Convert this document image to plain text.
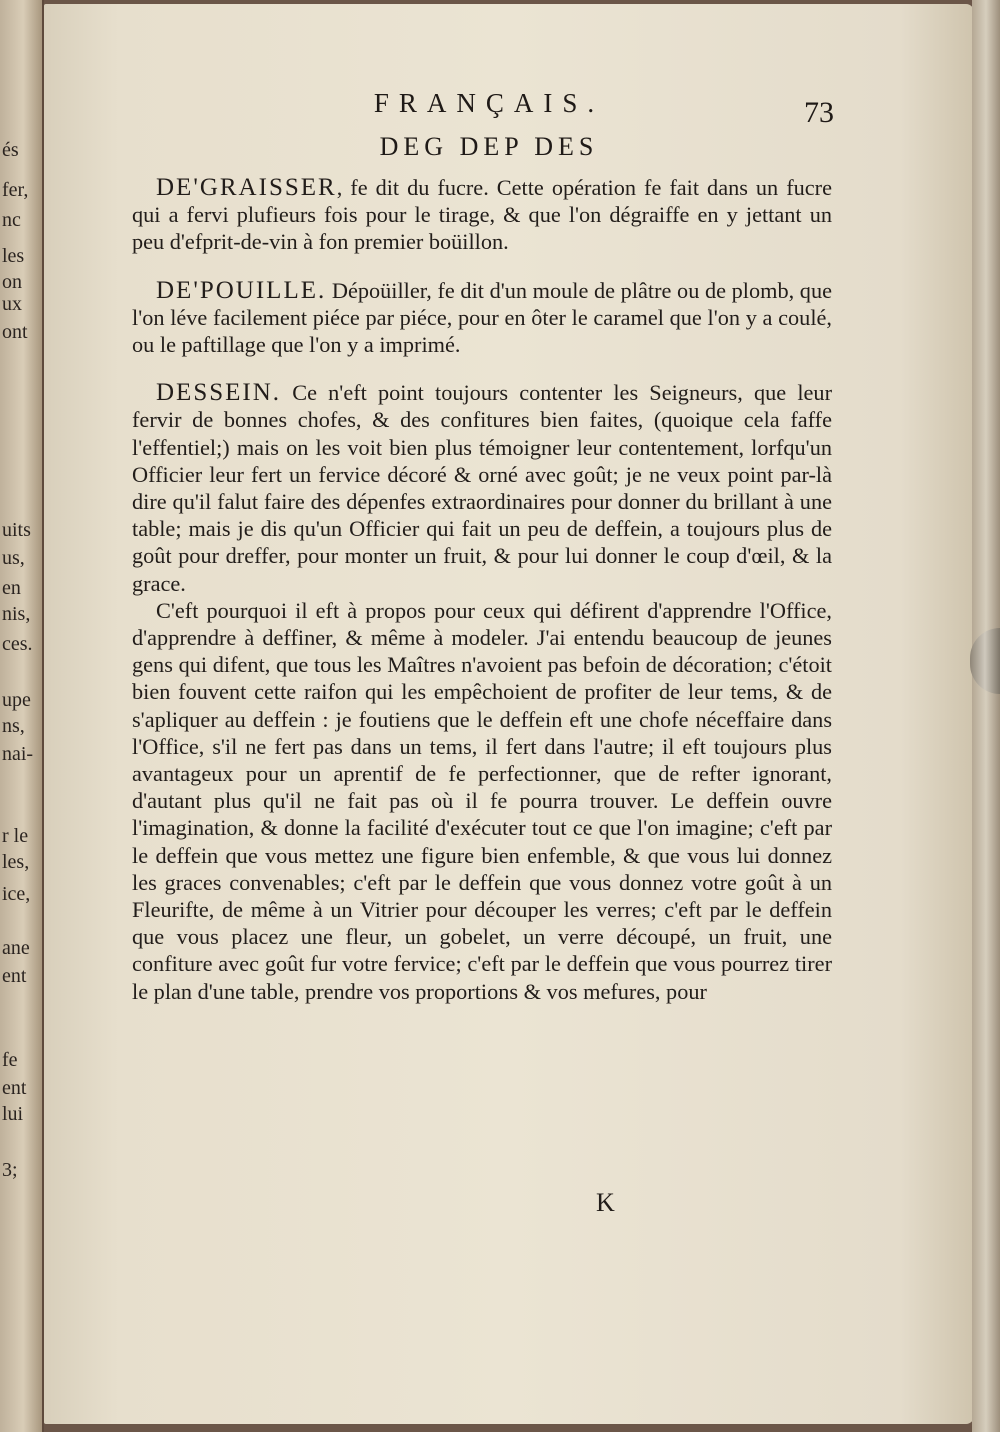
és
fer,
nc
les
on
ux
ont
uits
us,
en
nis,
ces.
upe
ns,
nai-
r le
les,
ice,
ane
ent
fe
ent
lui
3;
FRANÇAIS.	73
DEG DEP DES

DE'GRAISSER, fe dit du fucre. Cette opération fe fait dans un fucre qui a fervi plufieurs fois pour le tirage, & que l'on dégraiffe en y jettant un peu d'efprit-de-vin à fon premier boüillon.

DE'POUILLE. Dépoüiller, fe dit d'un moule de plâtre ou de plomb, que l'on léve facilement piéce par piéce, pour en ôter le caramel que l'on y a coulé, ou le paftillage que l'on y a imprimé.

DESSEIN. Ce n'eft point toujours contenter les Seigneurs, que leur fervir de bonnes chofes, & des confitures bien faites, (quoique cela faffe l'effentiel;) mais on les voit bien plus témoigner leur contentement, lorfqu'un Officier leur fert un fervice décoré & orné avec goût; je ne veux point par-là dire qu'il falut faire des dépenfes extraordinaires pour donner du brillant à une table; mais je dis qu'un Officier qui fait un peu de deffein, a toujours plus de goût pour dreffer, pour monter un fruit, & pour lui donner le coup d'œil, & la grace.

C'eft pourquoi il eft à propos pour ceux qui défirent d'apprendre l'Office, d'apprendre à deffiner, & même à modeler. J'ai entendu beaucoup de jeunes gens qui difent, que tous les Maîtres n'avoient pas befoin de décoration; c'étoit bien fouvent cette raifon qui les empêchoient de profiter de leur tems, & de s'apliquer au deffein : je foutiens que le deffein eft une chofe néceffaire dans l'Office, s'il ne fert pas dans un tems, il fert dans l'autre; il eft toujours plus avantageux pour un aprentif de fe perfectionner, que de refter ignorant, d'autant plus qu'il ne fait pas où il fe pourra trouver. Le deffein ouvre l'imagination, & donne la facilité d'exécuter tout ce que l'on imagine; c'eft par le deffein que vous mettez une figure bien enfemble, & que vous lui donnez les graces convenables; c'eft par le deffein que vous donnez votre goût à un Fleurifte, de même à un Vitrier pour découper les verres; c'eft par le deffein que vous placez une fleur, un gobelet, un verre découpé, un fruit, une confiture avec goût fur votre fervice; c'eft par le deffein que vous pourrez tirer le plan d'une table, prendre vos proportions & vos mefures, pour

K
